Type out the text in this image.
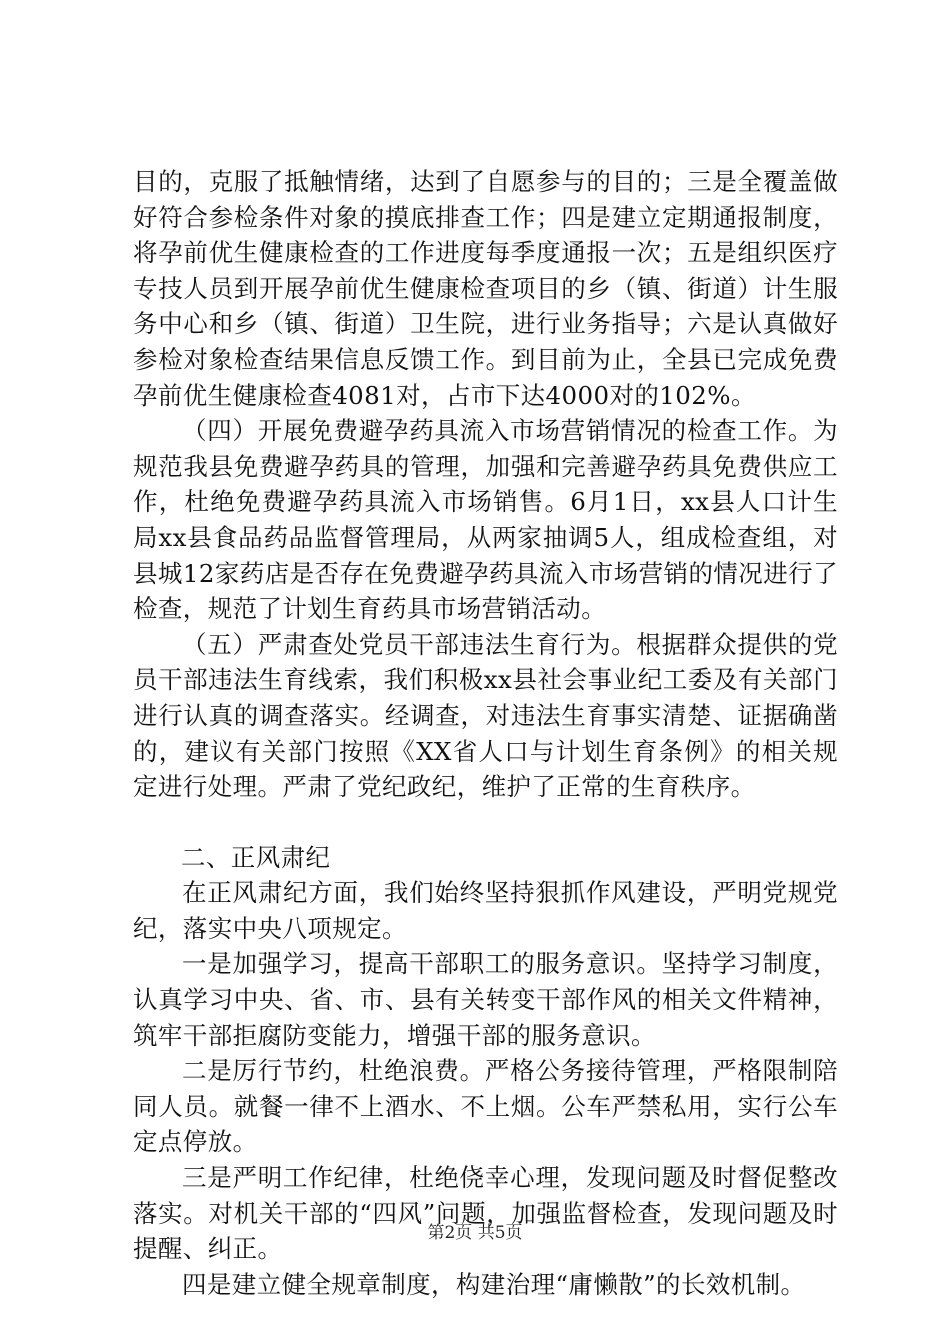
目的，克服了抵触情绪，达到了自愿参与的目的；三是全覆盖做好符合参检条件对象的摸底排查工作；四是建立定期通报制度，将孕前优生健康检查的工作进度每季度通报一次；五是组织医疗专技人员到开展孕前优生健康检查项目的乡（镇、街道）计生服务中心和乡（镇、街道）卫生院，进行业务指导；六是认真做好参检对象检查结果信息反馈工作。到目前为止，全县已完成免费孕前优生健康检查4081对，占市下达4000对的102%。

（四）开展免费避孕药具流入市场营销情况的检查工作。为规范我县免费避孕药具的管理，加强和完善避孕药具免费供应工作，杜绝免费避孕药具流入市场销售。6月1日，xx县人口计生局xx县食品药品监督管理局，从两家抽调5人，组成检查组，对县城12家药店是否存在免费避孕药具流入市场营销的情况进行了检查，规范了计划生育药具市场营销活动。

（五）严肃查处党员干部违法生育行为。根据群众提供的党员干部违法生育线索，我们积极xx县社会事业纪工委及有关部门进行认真的调查落实。经调查，对违法生育事实清楚、证据确凿的，建议有关部门按照《XX省人口与计划生育条例》的相关规定进行处理。严肃了党纪政纪，维护了正常的生育秩序。

二、正风肃纪

在正风肃纪方面，我们始终坚持狠抓作风建设，严明党规党纪，落实中央八项规定。

一是加强学习，提高干部职工的服务意识。坚持学习制度，认真学习中央、省、市、县有关转变干部作风的相关文件精神，筑牢干部拒腐防变能力，增强干部的服务意识。

二是厉行节约，杜绝浪费。严格公务接待管理，严格限制陪同人员。就餐一律不上酒水、不上烟。公车严禁私用，实行公车定点停放。

三是严明工作纪律，杜绝侥幸心理，发现问题及时督促整改落实。对机关干部的“四风”问题，加强监督检查，发现问题及时提醒、纠正。

四是建立健全规章制度，构建治理“庸懒散”的长效机制。

第2页 共5页
